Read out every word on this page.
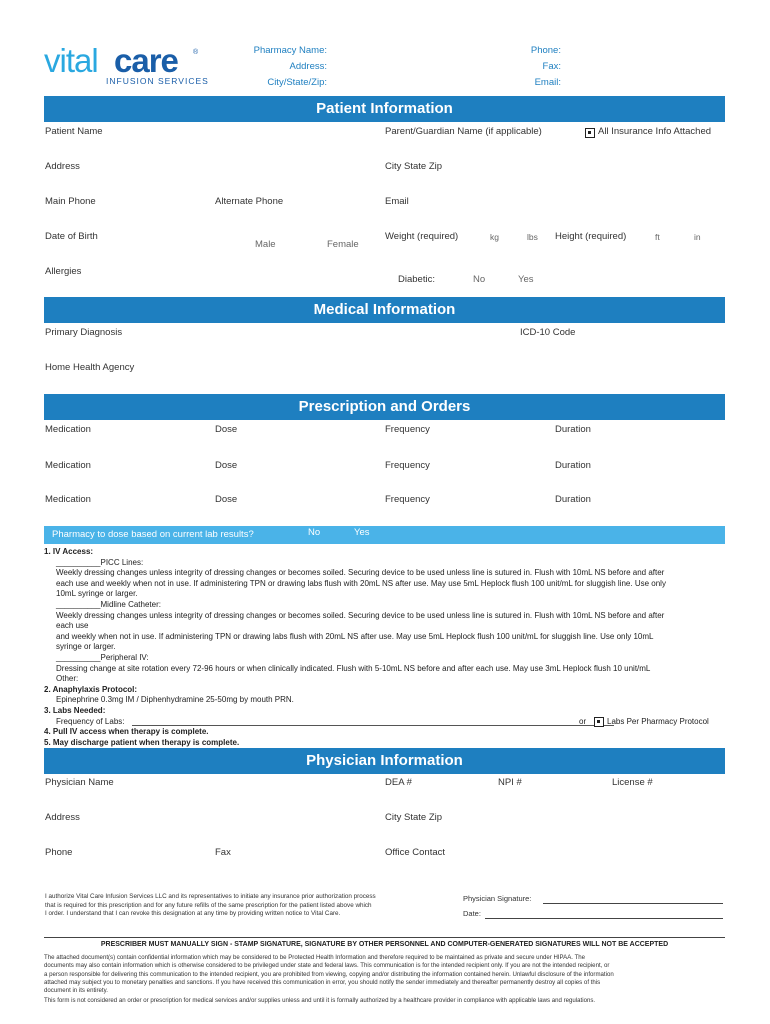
vital care ®
INFUSION SERVICES
Pharmacy Name:
Address:
City/State/Zip:
Phone:
Fax:
Email:
Patient Information
Patient Name	Parent/Guardian Name (if applicable)	All Insurance Info Attached
Address	City State Zip
Main Phone	Alternate Phone	Email
Date of Birth
Male	Female
Weight (required)	kg	lbs Height (required)	ft	in
Allergies
Diabetic:	No	Yes
Medical Information
Primary Diagnosis	ICD-10 Code
Home Health Agency
Prescription and Orders
Medication	Dose	Frequency	Duration
Medication	Dose	Frequency	Duration
Medication	Dose	Frequency	Duration
Pharmacy to dose based on current lab results?	No	Yes
1. IV Access:
__________PICC Lines:
Weekly dressing changes unless integrity of dressing changes or becomes soiled. Securing device to be used unless line is sutured in. Flush with 10mL NS before and after
each use and weekly when not in use. If administering TPN or drawing labs flush with 20mL NS after use. May use 5mL Heplock flush 100 unit/mL for sluggish line. Use only
10mL syringe or larger.
__________Midline Catheter:
Weekly dressing changes unless integrity of dressing changes or becomes soiled. Securing device to be used unless line is sutured in. Flush with 10mL NS before and after
each use
and weekly when not in use. If administering TPN or drawing labs flush with 20mL NS after use. May use 5mL Heplock flush 100 unit/mL for sluggish line. Use only 10mL
syringe or larger.
__________Peripheral IV:
Dressing change at site rotation every 72-96 hours or when clinically indicated. Flush with 5-10mL NS before and after each use. May use 3mL Heplock flush 10 unit/mL
Other:
2. Anaphylaxis Protocol:
Epinephrine 0.3mg IM / Diphenhydramine 25-50mg by mouth PRN.
3. Labs Needed:
Frequency of Labs:	or	Labs Per Pharmacy Protocol
4. Pull IV access when therapy is complete.
5. May discharge patient when therapy is complete.
Physician Information
Physician Name	DEA #	NPI #	License #
Address	City State Zip
Phone	Fax	Office Contact
I authorize Vital Care Infusion Services LLC and its representatives to initiate any insurance prior authorization process
that is required for this prescription and for any future refills of the same prescription for the patient listed above which
I order. I understand that I can revoke this designation at any time by providing written notice to Vital Care.
Physician Signature:
Date:
PRESCRIBER MUST MANUALLY SIGN - STAMP SIGNATURE, SIGNATURE BY OTHER PERSONNEL AND COMPUTER-GENERATED SIGNATURES WILL NOT BE ACCEPTED
The attached document(s) contain confidential information which may be considered to be Protected Health Information and therefore required to be maintained as private and secure under HIPAA. The
documents may also contain information which is otherwise considered to be privileged under state and federal laws. This communication is for the intended recipient only. If you are not the intended recipient, or
a person responsible for delivering this communication to the intended recipient, you are prohibited from viewing, copying and/or distributing the information contained herein. Unlawful disclosure of the information
attached may subject you to monetary penalties and sanctions. If you have received this communication in error, you should notify the sender immediately and thereafter permanently destroy all copies of this
document in its entirety.
This form is not considered an order or prescription for medical services and/or supplies unless and until it is formally authorized by a healthcare provider in compliance with applicable laws and regulations.
